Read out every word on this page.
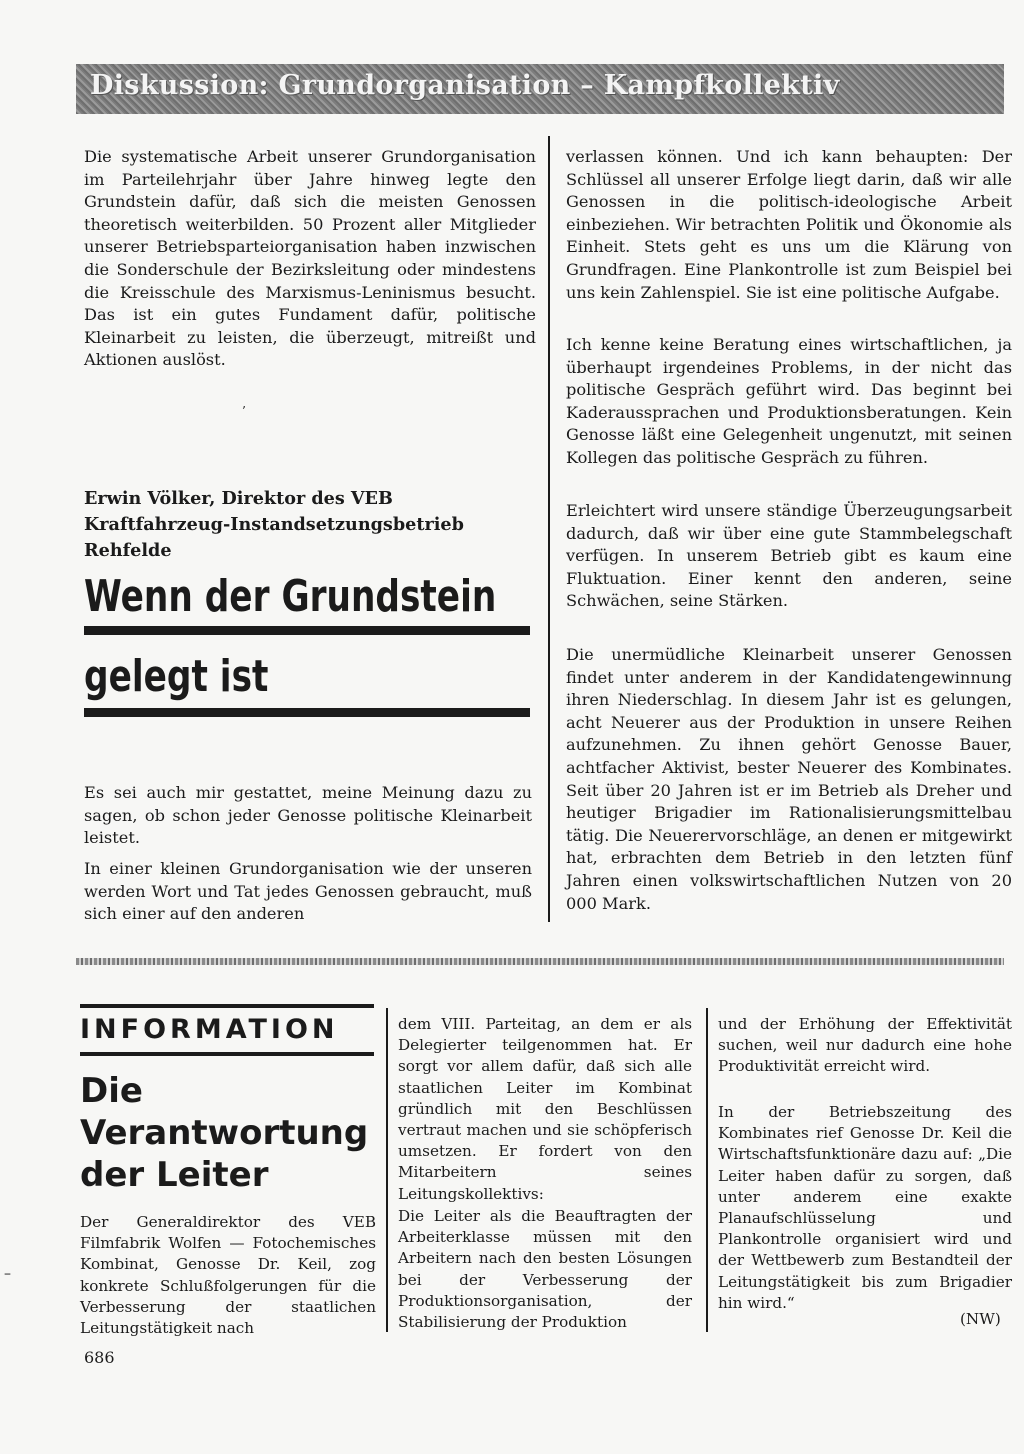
Diskussion: Grundorganisation – Kampfkollektiv

Die systematische Arbeit unserer Grundorganisation im Parteilehrjahr über Jahre hinweg legte den Grundstein dafür, daß sich die meisten Genossen theoretisch weiterbilden. 50 Prozent aller Mitglieder unserer Betriebsparteiorganisation haben inzwischen die Sonderschule der Bezirksleitung oder mindestens die Kreisschule des Marxismus-Leninismus besucht. Das ist ein gutes Fundament dafür, politische Kleinarbeit zu leisten, die überzeugt, mitreißt und Aktionen auslöst.

’

Erwin Völker, Direktor des VEB Kraftfahrzeug-Instandsetzungsbetrieb Rehfelde

Wenn der Grundstein
gelegt ist

Es sei auch mir gestattet, meine Meinung dazu zu sagen, ob schon jeder Genosse politische Kleinarbeit leistet.

In einer kleinen Grundorganisation wie der unseren werden Wort und Tat jedes Genossen gebraucht, muß sich einer auf den anderen

verlassen können. Und ich kann behaupten: Der Schlüssel all unserer Erfolge liegt darin, daß wir alle Genossen in die politisch-ideologische Arbeit einbeziehen. Wir betrachten Politik und Ökonomie als Einheit. Stets geht es uns um die Klärung von Grundfragen. Eine Plankontrolle ist zum Beispiel bei uns kein Zahlenspiel. Sie ist eine politische Aufgabe.

Ich kenne keine Beratung eines wirtschaftlichen, ja überhaupt irgendeines Problems, in der nicht das politische Gespräch geführt wird. Das beginnt bei Kaderaussprachen und Produktionsberatungen. Kein Genosse läßt eine Gelegenheit ungenutzt, mit seinen Kollegen das politische Gespräch zu führen.

Erleichtert wird unsere ständige Überzeugungsarbeit dadurch, daß wir über eine gute Stammbelegschaft verfügen. In unserem Betrieb gibt es kaum eine Fluktuation. Einer kennt den anderen, seine Schwächen, seine Stärken.

Die unermüdliche Kleinarbeit unserer Genossen findet unter anderem in der Kandidatengewinnung ihren Niederschlag. In diesem Jahr ist es gelungen, acht Neuerer aus der Produktion in unsere Reihen aufzunehmen. Zu ihnen gehört Genosse Bauer, achtfacher Aktivist, bester Neuerer des Kombinates. Seit über 20 Jahren ist er im Betrieb als Dreher und heutiger Brigadier im Rationalisierungsmittelbau tätig. Die Neuerervorschläge, an denen er mitgewirkt hat, erbrachten dem Betrieb in den letzten fünf Jahren einen volkswirtschaftlichen Nutzen von 20 000 Mark.

INFORMATION
Die
Verantwortung
der Leiter

Der Generaldirektor des VEB Filmfabrik Wolfen — Fotochemisches Kombinat, Genosse Dr. Keil, zog konkrete Schlußfolgerungen für die Verbesserung der staatlichen Leitungstätigkeit nach

dem VIII. Parteitag, an dem er als Delegierter teilgenommen hat. Er sorgt vor allem dafür, daß sich alle staatlichen Leiter im Kombinat gründlich mit den Beschlüssen vertraut machen und sie schöpferisch umsetzen. Er fordert von den Mitarbeitern seines Leitungskollektivs:

Die Leiter als die Beauftragten der Arbeiterklasse müssen mit den Arbeitern nach den besten Lösungen bei der Verbesserung der Produktionsorganisation, der Stabilisierung der Produktion

und der Erhöhung der Effektivität suchen, weil nur dadurch eine hohe Produktivität erreicht wird.

In der Betriebszeitung des Kombinates rief Genosse Dr. Keil die Wirtschaftsfunktionäre dazu auf: „Die Leiter haben dafür zu sorgen, daß unter anderem eine exakte Planaufschlüsselung und Plankontrolle organisiert wird und der Wettbewerb zum Bestandteil der Leitungstätigkeit bis zum Brigadier hin wird.“

(NW)

–

686
